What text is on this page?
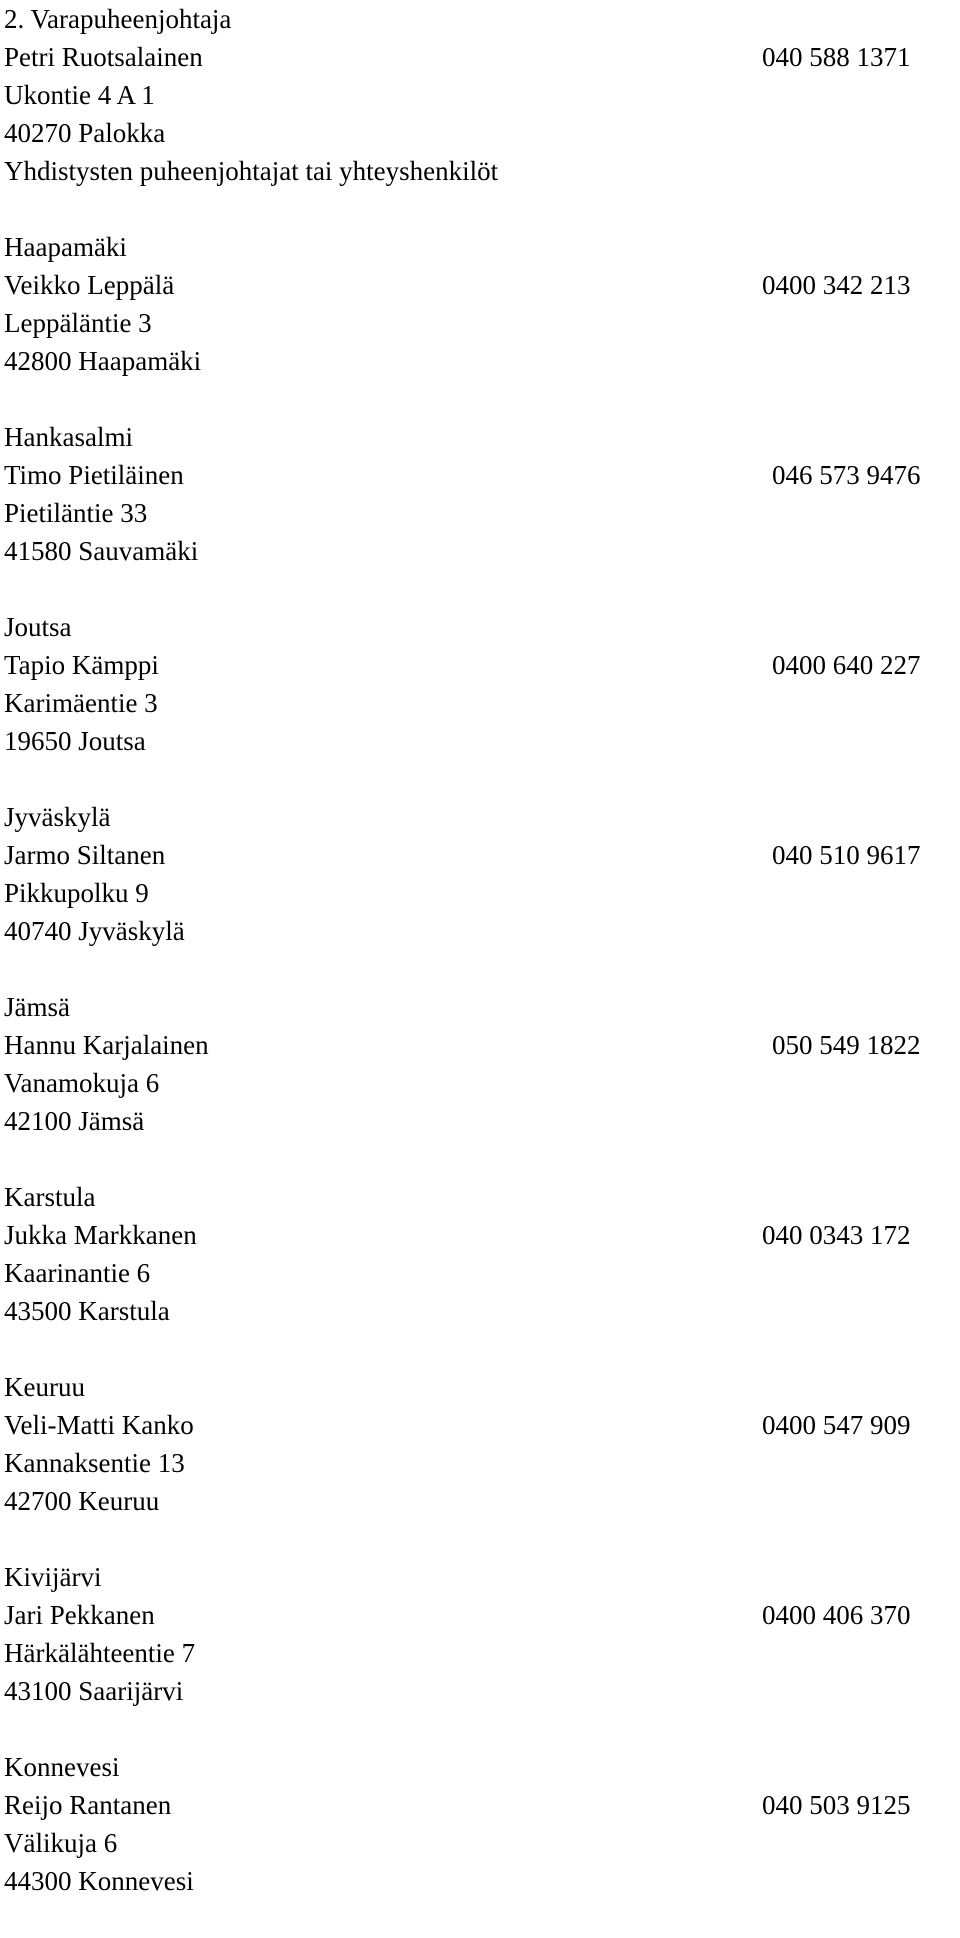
2. Varapuheenjohtaja
Petri Ruotsalainen	040 588 1371
Ukontie 4 A 1
40270 Palokka
Yhdistysten puheenjohtajat tai yhteyshenkilöt
Haapamäki
Veikko Leppälä	0400 342 213
Leppäläntie 3
42800 Haapamäki
Hankasalmi
Timo Pietiläinen	046 573 9476
Pietiläntie 33
41580 Sauvamäki
Joutsa
Tapio Kämppi	0400 640 227
Karimäentie 3
19650 Joutsa
Jyväskylä
Jarmo Siltanen	040 510 9617
Pikkupolku 9
40740 Jyväskylä
Jämsä
Hannu Karjalainen	050 549 1822
Vanamokuja 6
42100 Jämsä
Karstula
Jukka Markkanen	040 0343 172
Kaarinantie 6
43500 Karstula
Keuruu
Veli-Matti Kanko	0400 547 909
Kannaksentie 13
42700 Keuruu
Kivijärvi
Jari Pekkanen	0400 406 370
Härkälähteentie 7
43100 Saarijärvi
Konnevesi
Reijo Rantanen	040 503 9125
Välikuja 6
44300 Konnevesi
